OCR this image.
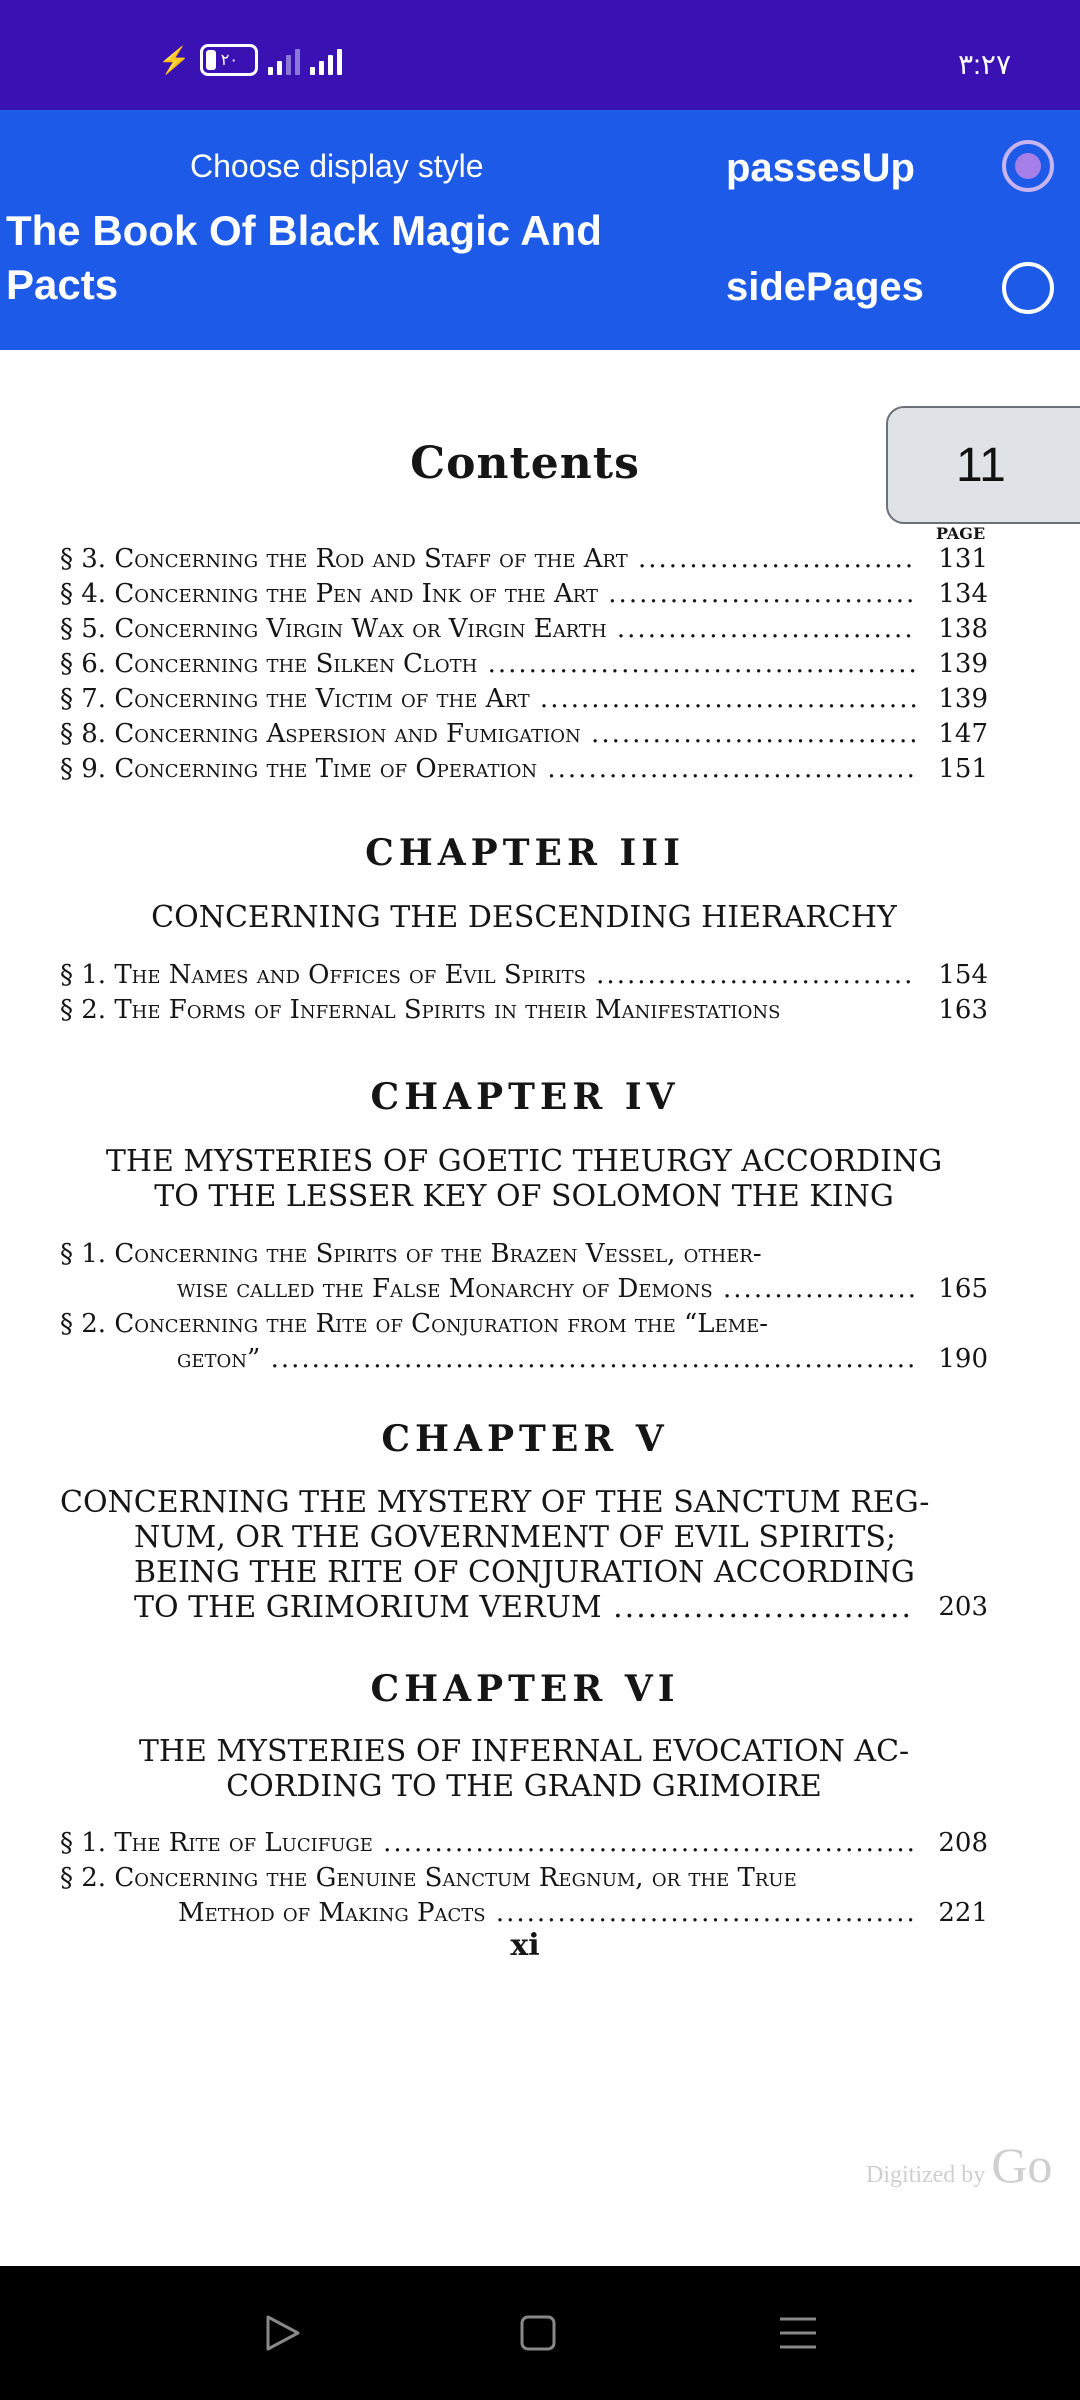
⚡ ٢٠	٣:٢٧
Choose display style
The Book Of Black Magic And Pacts
passesUp
sidePages
Contents	11
PAGE
§ 3. Concerning the Rod and Staff of the Art .....	131
§ 4. Concerning the Pen and Ink of the Art .....	134
§ 5. Concerning Virgin Wax or Virgin Earth .....	138
§ 6. Concerning the Silken Cloth .....	139
§ 7. Concerning the Victim of the Art .....	139
§ 8. Concerning Aspersion and Fumigation .....	147
§ 9. Concerning the Time of Operation .....	151
CHAPTER III
CONCERNING THE DESCENDING HIERARCHY
§ 1. The Names and Offices of Evil Spirits .....	154
§ 2. The Forms of Infernal Spirits in their Manifestations	163
CHAPTER IV
THE MYSTERIES OF GOETIC THEURGY ACCORDING
TO THE LESSER KEY OF SOLOMON THE KING
§ 1. Concerning the Spirits of the Brazen Vessel, other-
wise called the False Monarchy of Demons .....	165
§ 2. Concerning the Rite of Conjuration from the “Leme-
geton” .....	190
CHAPTER V
CONCERNING THE MYSTERY OF THE SANCTUM REG-
NUM, OR THE GOVERNMENT OF EVIL SPIRITS;
BEING THE RITE OF CONJURATION ACCORDING
TO THE GRIMORIUM VERUM .....	203
CHAPTER VI
THE MYSTERIES OF INFERNAL EVOCATION AC-
CORDING TO THE GRAND GRIMOIRE
§ 1. The Rite of Lucifuge .....	208
§ 2. Concerning the Genuine Sanctum Regnum, or the True
Method of Making Pacts .....	221
xi
Digitized by Go
